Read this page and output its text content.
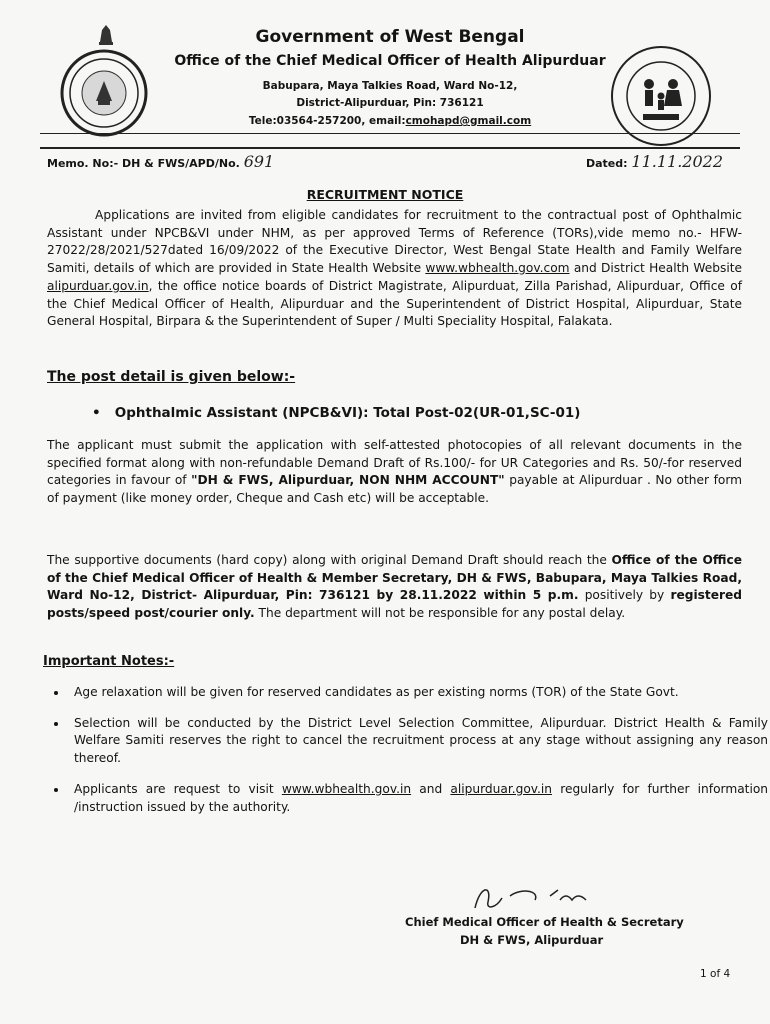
Government of West Bengal
Office of the Chief Medical Officer of Health Alipurduar
Babupara, Maya Talkies Road, Ward No-12,
District-Alipurduar, Pin: 736121
Tele:03564-257200, email:cmohapd@gmail.com
Memo. No:- DH & FWS/APD/No. 691	Dated: 11.11.2022
RECRUITMENT NOTICE

Applications are invited from eligible candidates for recruitment to the contractual post of Ophthalmic Assistant under NPCB&VI under NHM, as per approved Terms of Reference (TORs),vide memo no.- HFW-27022/28/2021/527dated 16/09/2022 of the Executive Director, West Bengal State Health and Family Welfare Samiti, details of which are provided in State Health Website www.wbhealth.gov.com and District Health Website alipurduar.gov.in, the office notice boards of District Magistrate, Alipurduat, Zilla Parishad, Alipurduar, Office of the Chief Medical Officer of Health, Alipurduar and the Superintendent of District Hospital, Alipurduar, State General Hospital, Birpara & the Superintendent of Super / Multi Speciality Hospital, Falakata.

The post detail is given below:-
•   Ophthalmic Assistant (NPCB&VI): Total Post-02(UR-01,SC-01)

The applicant must submit the application with self-attested photocopies of all relevant documents in the specified format along with non-refundable Demand Draft of Rs.100/- for UR Categories and Rs. 50/-for reserved categories in favour of "DH & FWS, Alipurduar, NON NHM ACCOUNT" payable at Alipurduar . No other form of payment (like money order, Cheque and Cash etc) will be acceptable.

The supportive documents (hard copy) along with original Demand Draft should reach the Office of the Office of the Chief Medical Officer of Health & Member Secretary, DH & FWS, Babupara, Maya Talkies Road, Ward No-12, District- Alipurduar, Pin: 736121 by 28.11.2022 within 5 p.m. positively by registered posts/speed post/courier only. The department will not be responsible for any postal delay.

Important Notes:-
• Age relaxation will be given for reserved candidates as per existing norms (TOR) of the State Govt.
• Selection will be conducted by the District Level Selection Committee, Alipurduar. District Health & Family Welfare Samiti reserves the right to cancel the recruitment process at any stage without assigning any reason thereof.
• Applicants are request to visit www.wbhealth.gov.in and alipurduar.gov.in regularly for further information /instruction issued by the authority.
Chief Medical Officer of Health & Secretary
DH & FWS, Alipurduar
1 of 4
